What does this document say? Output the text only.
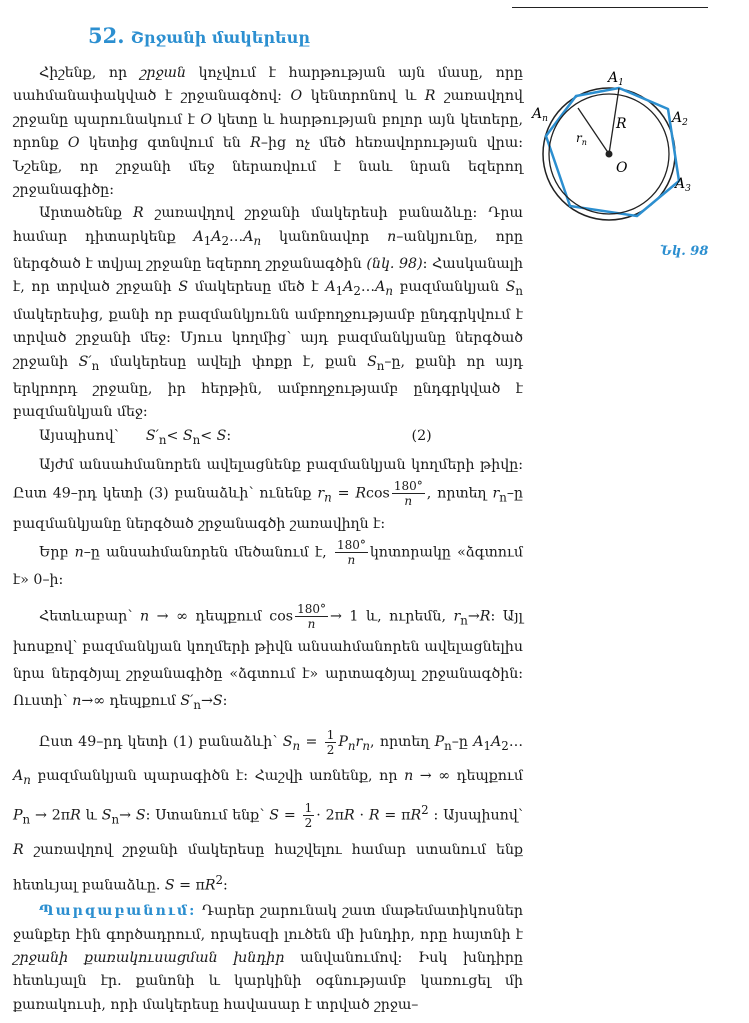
52. Շրջանի մակերեսը

Հիշենք, որ շրջան կոչվում է հարթության այն մասը, որը սահմանափակված է շրջանագծով: O կենտրոնով և R շառավղով շրջանը պարունակում է O կետը և հարթության բոլոր այն կետերը, որոնք O կետից գտնվում են R–ից ոչ մեծ հեռավորության վրա: Նշենք, որ շրջանի մեջ ներառվում է նաև նրան եզերող շրջանագիծը:

Արտածենք R շառավղով շրջանի մակերեսի բանաձևը: Դրա համար դիտարկենք $A_1A_2\dots A_n$ կանոնավոր n–անկյունը, որը ներգծած է տվյալ շրջանը եզերող շրջանագծին (նկ. 98): Հասկանալի է, որ տրված շրջանի S մակերեսը մեծ է $A_1A_2\dots A_n$ բազմանկյան $S_n$ մակերեսից, քանի որ բազմանկյունն ամբողջությամբ ընդգրկվում է տրված շրջանի մեջ: Մյուս կողմից՝ այդ բազմանկյանը ներգծած շրջանի $S'_n$ մակերեսը ավելի փոքր է, քան $S_n-ը$, քանի որ այդ երկրորդ շրջանը, իր հերթին, ամբողջությամբ ընդգրկված է բազմանկյան մեջ:

Այսպիսով՝      $S'_n< S_n< S$:                                        (2)

Այժմ անսահմանորեն ավելացնենք բազմանկյան կողմերի թիվը: Ըստ 49–րդ կետի (3) բանաձևի՝ ունենք $r_n = Rcos \frac{180^\circ}{n}$ , որտեղ $r_n-ը$ բազմանկյանը ներգծած շրջանագծի շառավիղն է:

Երբ n–ը անսահմանորեն մեծանում է, $\frac{180^\circ}{n}$ կոտորակը «ձգտում է» 0–ի:

Հետևաբար՝ n → ∞ դեպքում $\cos \frac{180^\circ}{n} \to 1$ և, ուրեմն, $r_n\to R$: Այլ խոսքով՝ բազմանկյան կողմերի թիվն անսահմանորեն ավելացնելիս նրա ներգծյալ շրջանագիծը «ձգտում է» արտագծյալ շրջանագծին: Ուստի՝ n→∞ դեպքում $S'_n\to S$:

Ըստ 49–րդ կետի (1) բանաձևի՝ $S_n = \frac{1}{2} P_nr_n$, որտեղ $P_n-ը$ $A_1A_2\dots A_n$ բազմանկյան պարագիծն է: Հաշվի առնենք, որ n → ∞ դեպքում $P_n \to 2\pi R$ և $S_n\to S$: Ստանում ենք՝ $S = \frac{1}{2} \cdot 2\pi R \cdot R = \pi R^2$ : Այսպիսով՝ R շառավղով շրջանի մակերեսը հաշվելու համար ստանում ենք հետևյալ բանաձևը. $S = \pi R^2$:

Պարզաբանում: Դարեր շարունակ շատ մաթեմատիկոսներ ջանքեր էին գործադրում, որպեսզի լուծեն մի խնդիր, որը հայտնի է շրջանի քառակուսացման խնդիր անվանումով: Իսկ խնդիրը հետևյալն էր. քանոնի և կարկինի օգնությամբ կառուցել մի քառակուսի, որի մակերեսը հավասար է տրված շրջա–

$A_1$
$A_2$
$A_3$
$A_n$	R
$r_n$
O
Նկ. 98
